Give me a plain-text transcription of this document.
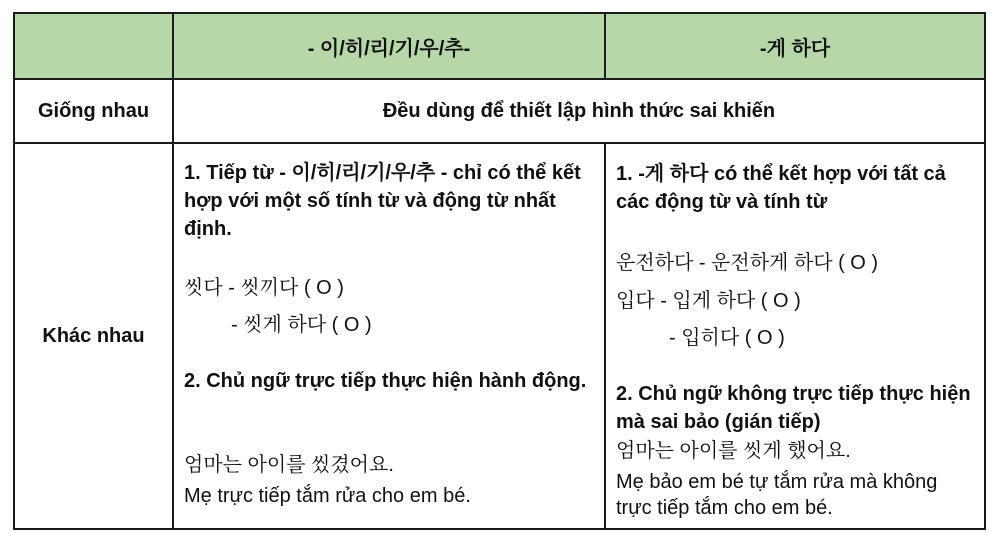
- 이/히/리/기/우/추-	-게 하다
Giống nhau	Đều dùng để thiết lập hình thức sai khiến
Khác nhau
1. Tiếp từ - 이/히/리/기/우/추 - chỉ có thể kết hợp với một số tính từ và động từ nhất định.
씻다 - 씻끼다 ( O )
- 씻게 하다 ( O )
2. Chủ ngữ trực tiếp thực hiện hành động.
엄마는 아이를 씼겼어요.
Mẹ trực tiếp tắm rửa cho em bé.
1. -게 하다 có thể kết hợp với tất cả các động từ và tính từ
운전하다 - 운전하게 하다 ( O )
입다 - 입게 하다 ( O )
- 입히다 ( O )
2. Chủ ngữ không trực tiếp thực hiện mà sai bảo (gián tiếp)
엄마는 아이를 씻게 했어요.
Mẹ bảo em bé tự tắm rửa mà không trực tiếp tắm cho em bé.
